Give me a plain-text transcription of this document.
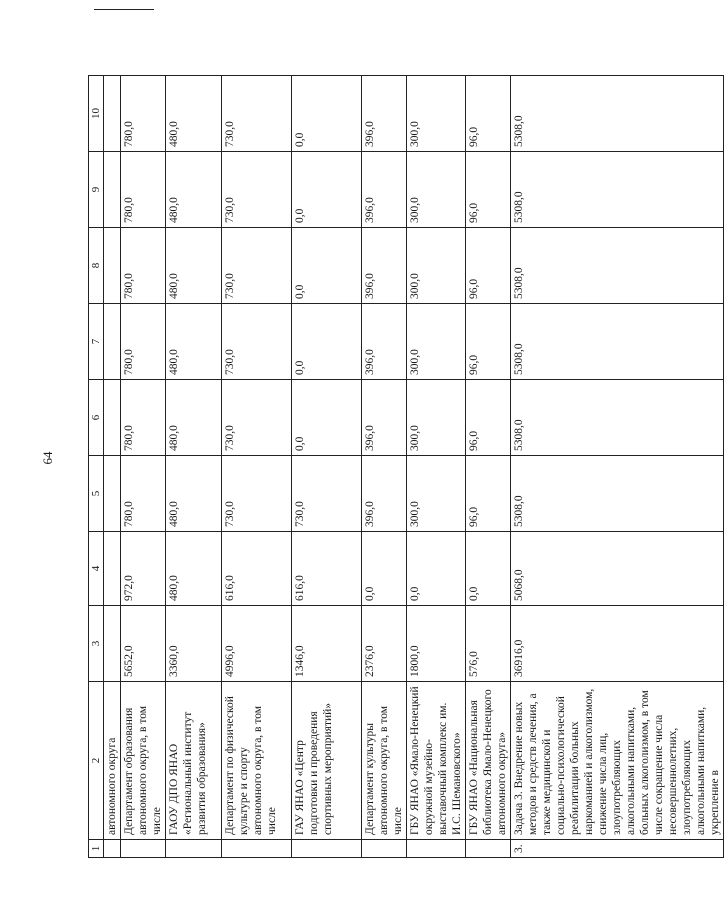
64
1	2	3	4	5	6	7	8	9	10
	автономного округа								
	Департамент образования автономного округа, в том числе	5652,0	972,0	780,0	780,0	780,0	780,0	780,0	780,0
	ГАОУ ДПО ЯНАО «Региональный институт развития образования»	3360,0	480,0	480,0	480,0	480,0	480,0	480,0	480,0
	Департамент по физической культуре и спорту автономного округа, в том числе	4996,0	616,0	730,0	730,0	730,0	730,0	730,0	730,0
	ГАУ ЯНАО «Центр подготовки и проведения спортивных мероприятий»	1346,0	616,0	730,0	0,0	0,0	0,0	0,0	0,0
	Департамент культуры автономного округа, в том числе	2376,0	0,0	396,0	396,0	396,0	396,0	396,0	396,0
	ГБУ ЯНАО «Ямало-Ненецкий окружной музейно-выставочный комплекс им. И.С. Шемановского»	1800,0	0,0	300,0	300,0	300,0	300,0	300,0	300,0
	ГБУ ЯНАО «Национальная библиотека Ямало-Ненецкого автономного округа»	576,0	0,0	96,0	96,0	96,0	96,0	96,0	96,0
3.	Задача 3. Внедрение новых методов и средств лечения, а также медицинской и социально-психологической реабилитации больных наркоманией и алкоголизмом, снижение числа лиц, злоупотребляющих алкогольными напитками, больных алкоголизмом, в том числе сокращение числа несовершеннолетних, злоупотребляющих алкогольными напитками, укрепление в	36916,0	5068,0	5308,0	5308,0	5308,0	5308,0	5308,0	5308,0
